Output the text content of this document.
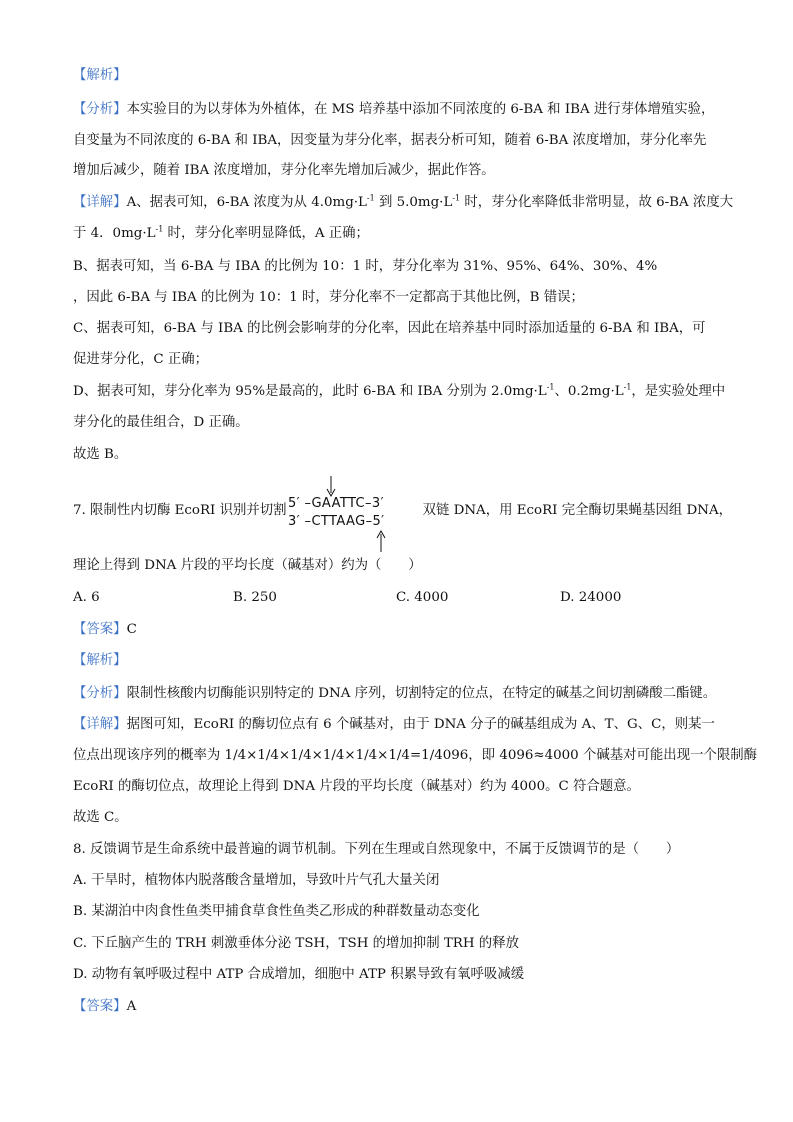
【解析】
【分析】本实验目的为以芽体为外植体，在 MS 培养基中添加不同浓度的 6-BA 和 IBA 进行芽体增殖实验，
自变量为不同浓度的 6-BA 和 IBA，因变量为芽分化率，据表分析可知，随着 6-BA 浓度增加，芽分化率先
增加后减少，随着 IBA 浓度增加，芽分化率先增加后减少，据此作答。
【详解】A、据表可知，6-BA 浓度为从 $4.0mg\cdot L^{-1}$ 到 $5.0mg\cdot L^{-1}$ 时，芽分化率降低非常明显，故 6-BA 浓度大
于 4．$0mg\cdot L^{-1}$ 时，芽分化率明显降低，A 正确；
B、据表可知，当 6-BA 与 IBA 的比例为 10：1 时，芽分化率为 31%、95%、64%、30%、4%
，因此 6-BA 与 IBA 的比例为 10：1 时，芽分化率不一定都高于其他比例，B 错误；
C、据表可知，6-BA 与 IBA 的比例会影响芽的分化率，因此在培养基中同时添加适量的 6-BA 和 IBA，可
促进芽分化，C 正确；
D、据表可知，芽分化率为 95%是最高的，此时 6-BA 和 IBA 分别为 $2.0mg\cdot L^{-1}$、$0.2mg\cdot L^{-1}$，是实验处理中
芽分化的最佳组合，D 正确。
故选 B。
7. 限制性内切酶 EcoRI 识别并切割	双链 DNA，用 EcoRI 完全酶切果蝇基因组 DNA，
5′ –GAATTC–3′
3′ –CTTAAG–5′
理论上得到 DNA 片段的平均长度（碱基对）约为（　　）
A. 6	B. 250	C. 4000	D. 24000
【答案】C
【解析】
【分析】限制性核酸内切酶能识别特定的 DNA 序列，切割特定的位点，在特定的碱基之间切割磷酸二酯键。
【详解】据图可知，EcoRI 的酶切位点有 6 个碱基对，由于 DNA 分子的碱基组成为 A、T、G、C，则某一
位点出现该序列的概率为 1/4×1/4×1/4×1/4×1/4×1/4=1/4096，即 4096≈4000 个碱基对可能出现一个限制酶
EcoRI 的酶切位点，故理论上得到 DNA 片段的平均长度（碱基对）约为 4000。C 符合题意。
故选 C。
8. 反馈调节是生命系统中最普遍的调节机制。下列在生理或自然现象中，不属于反馈调节的是（　　）
A. 干旱时，植物体内脱落酸含量增加，导致叶片气孔大量关闭
B. 某湖泊中肉食性鱼类甲捕食草食性鱼类乙形成的种群数量动态变化
C. 下丘脑产生的 TRH 刺激垂体分泌 TSH，TSH 的增加抑制 TRH 的释放
D. 动物有氧呼吸过程中 ATP 合成增加，细胞中 ATP 积累导致有氧呼吸减缓
【答案】A
